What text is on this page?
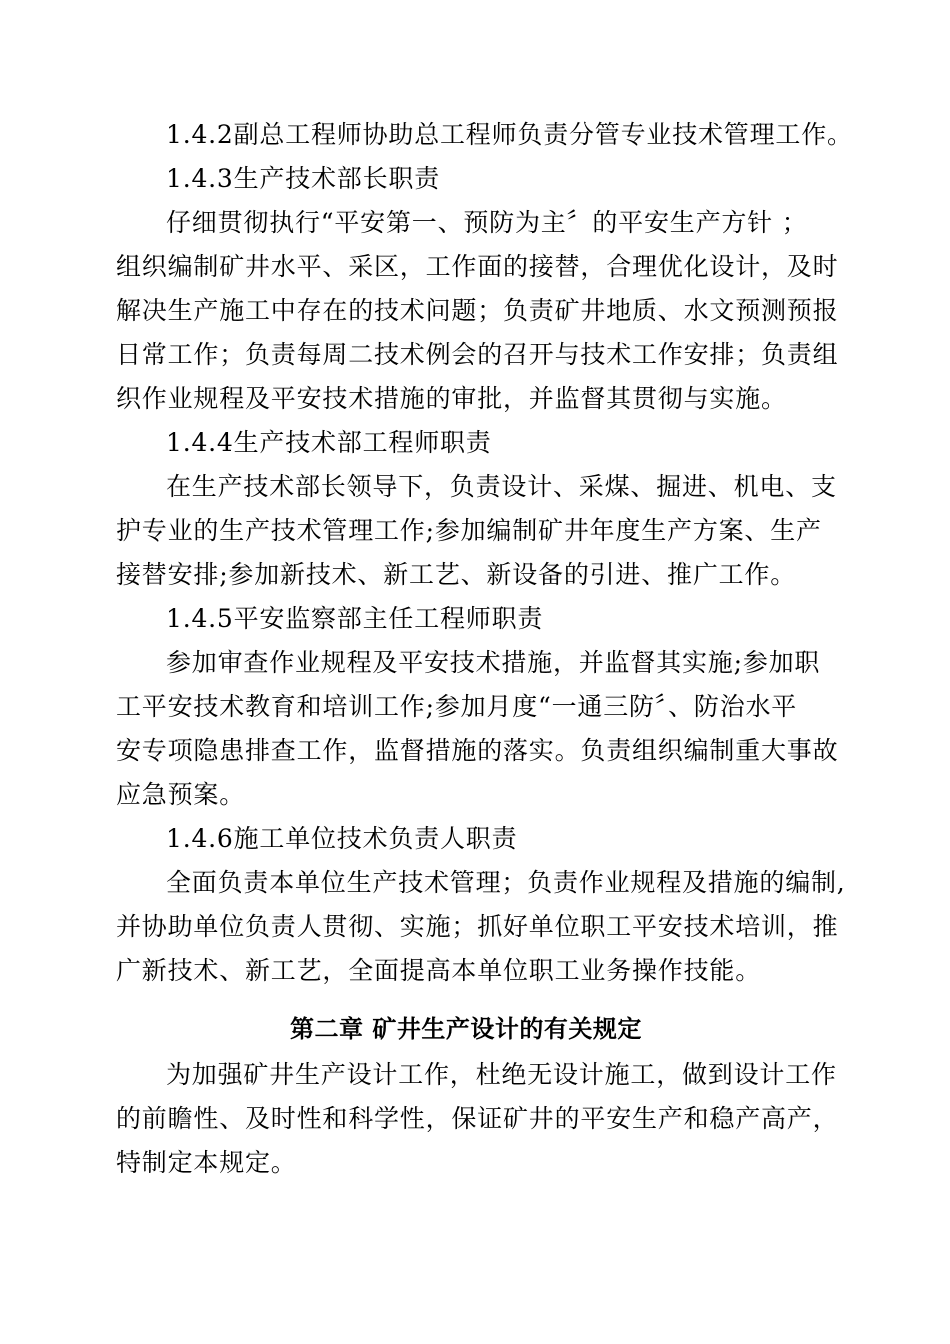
1.4.2副总工程师协助总工程师负责分管专业技术管理工作。
1.4.3生产技术部长职责
仔细贯彻执行“平安第一、预防为主〞的平安生产方针 ；
组织编制矿井水平、采区，工作面的接替，合理优化设计，及时
解决生产施工中存在的技术问题；负责矿井地质、水文预测预报
日常工作；负责每周二技术例会的召开与技术工作安排；负责组
织作业规程及平安技术措施的审批，并监督其贯彻与实施。
1.4.4生产技术部工程师职责
在生产技术部长领导下，负责设计、采煤、掘进、机电、支
护专业的生产技术管理工作;参加编制矿井年度生产方案、生产
接替安排;参加新技术、新工艺、新设备的引进、推广工作。
1.4.5平安监察部主任工程师职责
参加审查作业规程及平安技术措施，并监督其实施;参加职
工平安技术教育和培训工作;参加月度“一通三防〞、防治水平
安专项隐患排查工作，监督措施的落实。负责组织编制重大事故
应急预案。
1.4.6施工单位技术负责人职责
全面负责本单位生产技术管理；负责作业规程及措施的编制,
并协助单位负责人贯彻、实施；抓好单位职工平安技术培训，推
广新技术、新工艺，全面提高本单位职工业务操作技能。
第二章 矿井生产设计的有关规定
为加强矿井生产设计工作，杜绝无设计施工，做到设计工作
的前瞻性、及时性和科学性，保证矿井的平安生产和稳产高产，
特制定本规定。
